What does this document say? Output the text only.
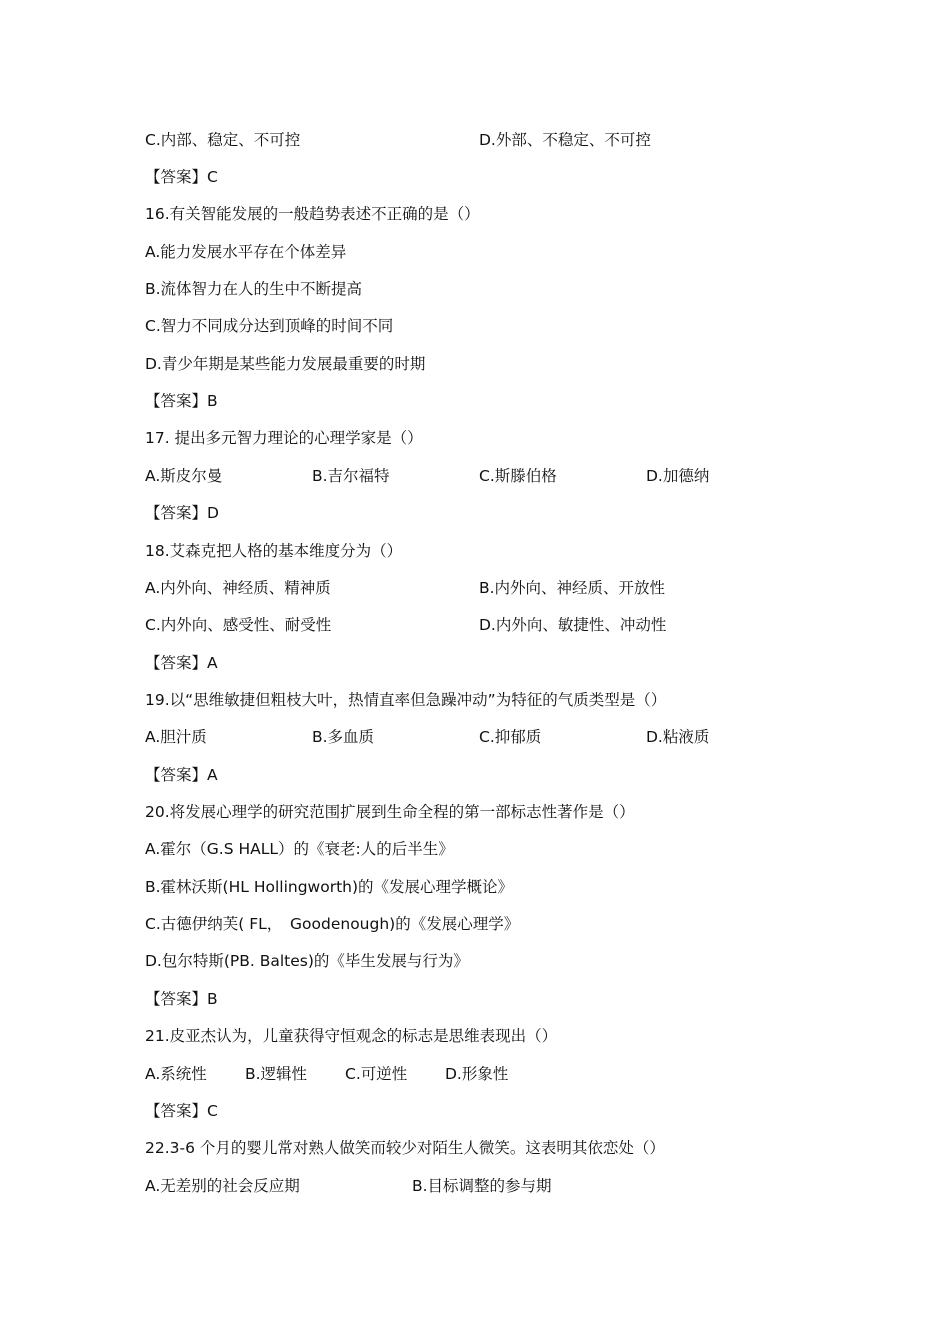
C.内部、稳定、不可控	D.外部、不稳定、不可控
【答案】C
16.有关智能发展的一般趋势表述不正确的是（）
A.能力发展水平存在个体差异
B.流体智力在人的生中不断提高
C.智力不同成分达到顶峰的时间不同
D.青少年期是某些能力发展最重要的时期
【答案】B
17. 提出多元智力理论的心理学家是（）
A.斯皮尔曼	B.吉尔福特	C.斯滕伯格	D.加德纳
【答案】D
18.艾森克把人格的基本维度分为（）
A.内外向、神经质、精神质	B.内外向、神经质、开放性
C.内外向、感受性、耐受性	D.内外向、敏捷性、冲动性
【答案】A
19.以“思维敏捷但粗枝大叶，热情直率但急躁冲动”为特征的气质类型是（）
A.胆汁质	B.多血质	C.抑郁质	D.粘液质
【答案】A
20.将发展心理学的研究范围扩展到生命全程的第一部标志性著作是（）
A.霍尔（G.S HALL）的《衰老:人的后半生》
B.霍林沃斯(HL Hollingworth)的《发展心理学概论》
C.古德伊纳芙( FL，　Goodenough)的《发展心理学》
D.包尔特斯(PB. Baltes)的《毕生发展与行为》
【答案】B
21.皮亚杰认为，儿童获得守恒观念的标志是思维表现出（）
A.系统性 B.逻辑性 C.可逆性 D.形象性
【答案】C
22.3-6 个月的婴儿常对熟人做笑而较少对陌生人微笑。这表明其依恋处（）
A.无差别的社会反应期	B.目标调整的参与期
